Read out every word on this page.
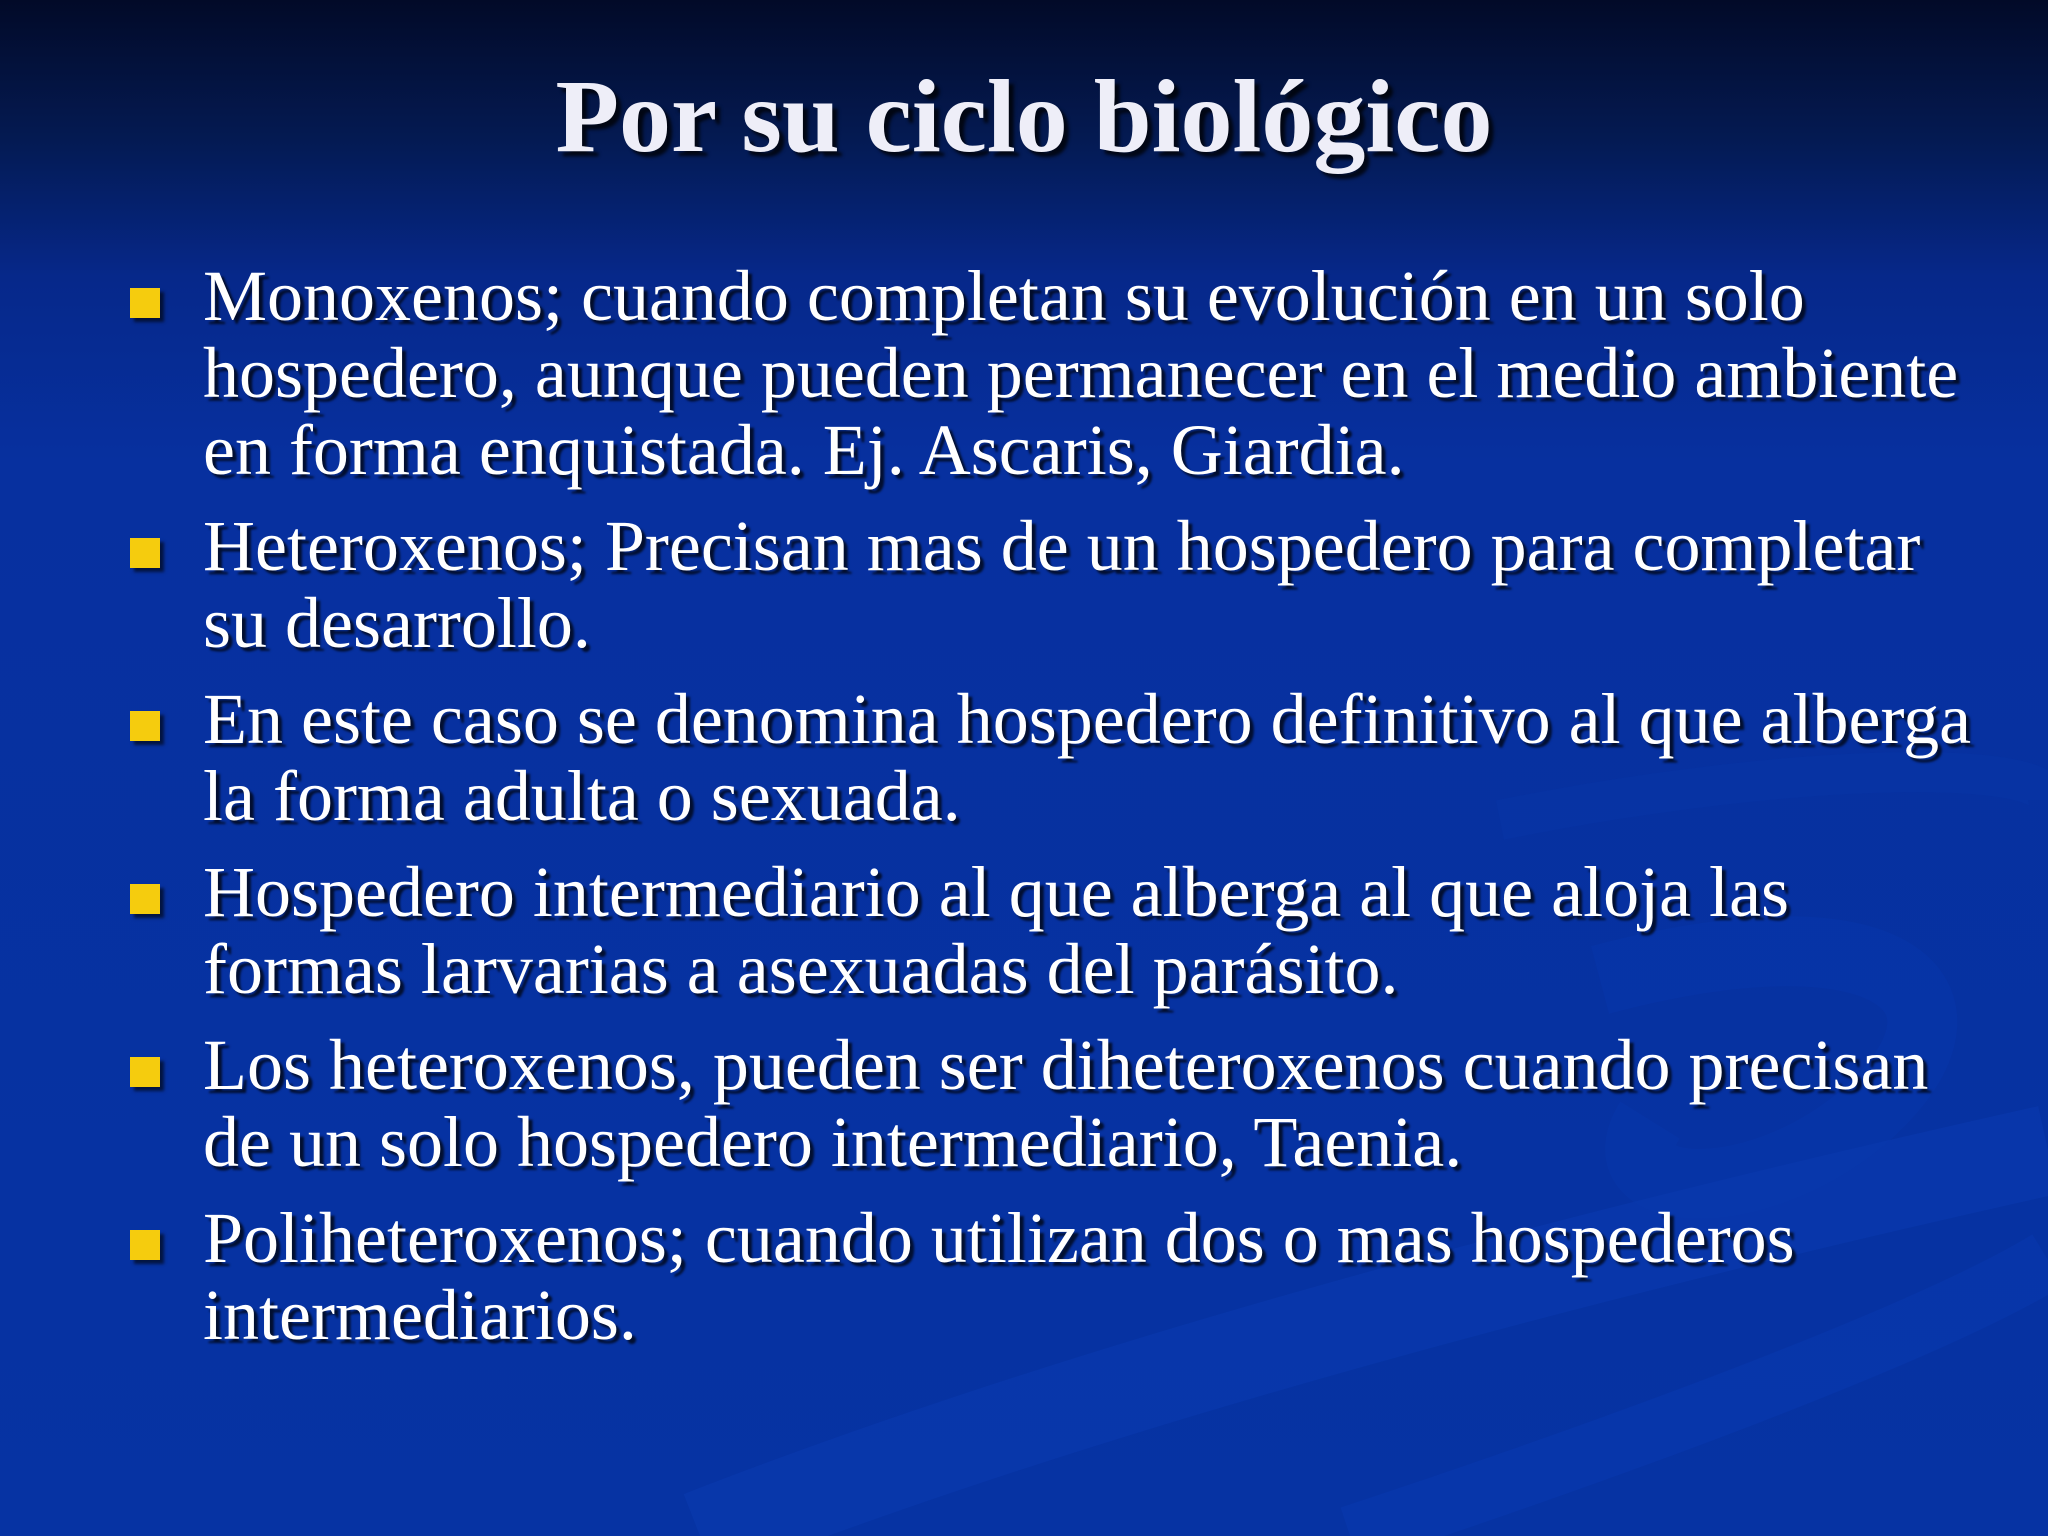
Por su ciclo biológico
Monoxenos; cuando completan su evolución en un solo hospedero, aunque pueden permanecer en el medio ambiente en forma enquistada. Ej. Ascaris, Giardia.
Heteroxenos; Precisan mas de un hospedero para completar su desarrollo.
En este caso se denomina hospedero definitivo al que alberga la forma adulta o sexuada.
Hospedero intermediario al que alberga al que aloja las formas larvarias a asexuadas del parásito.
Los heteroxenos, pueden ser diheteroxenos cuando precisan de un solo hospedero intermediario, Taenia.
Poliheteroxenos; cuando utilizan dos o mas hospederos intermediarios.
